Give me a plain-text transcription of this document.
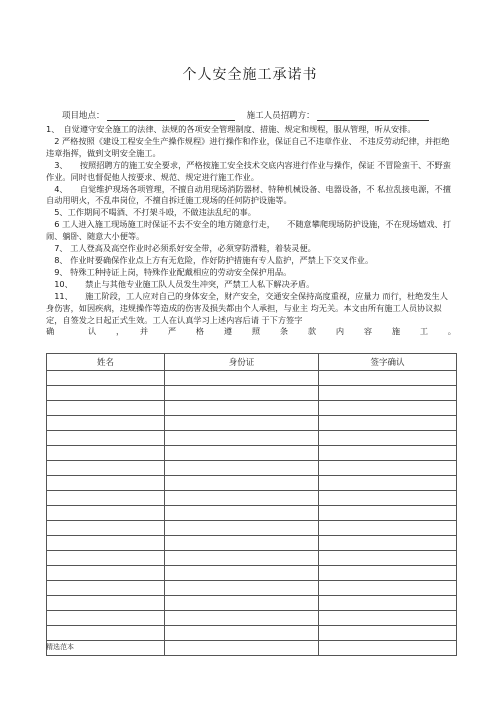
个人安全施工承诺书
项目地点：	施工人员招聘方：

1、　自觉遵守安全施工的法律、法规的各项安全管理制度、措施、规定和规程，服从管理，听从安排。

　2 严格按照《建设工程安全生产操作规程》进行操作和作业，保证自己不违章作业、 不违反劳动纪律，并拒绝违章指挥，做到文明安全施工。

　3、　　按照招聘方的施工安全要求，严格按施工安全技术交底内容进行作业与操作，保证 不冒险蛮干、不野蛮作业。同时也督促他人按要求、规范、规定进行施工作业。

　4、　　自觉维护现场各项管理，不擅自动用现场消防器材、特种机械设备、电器设备，不 私拉乱接电源，不擅自动用明火，不乱串岗位，不擅自拆迁施工现场的任何防护设施等。

　5、工作期间不喝酒、不打架斗殴，不做违法乱纪的事。

　6 工人进入施工现场施工时保证不去不安全的地方随意行走，　　不随意攀爬现场防护设施，不在现场嬉戏、打闹、躺卧、随意大小便等。

　7、 工人登高及高空作业时必须系好安全带，必须穿防滑鞋，着装灵便。

　8、 作业时要确保作业点上方有无危险，作好防护措施有专人监护，严禁上下交叉作业。

　9、 特殊工种持证上岗，特殊作业配戴相应的劳动安全保护用品。

　10、　　禁止与其他专业施工队人员发生冲突，严禁工人私下解决矛盾。

　11、　　施工阶段，工人应对自己的身体安全，财产安全，交通安全保持高度重视，应量力 而行，杜绝发生人身伤害，如因疾病，违规操作等造成的伤害及损失都由个人承担，与业主 均无关。本文由所有施工人员协议拟定，自签发之日起正式生效。工人在认真学习上述内容后请 于下方签字

确　　认　，　并　严　格　遵　照　条　款　内　容　施　工　。

姓名	身份证	签字确认

精选范本
